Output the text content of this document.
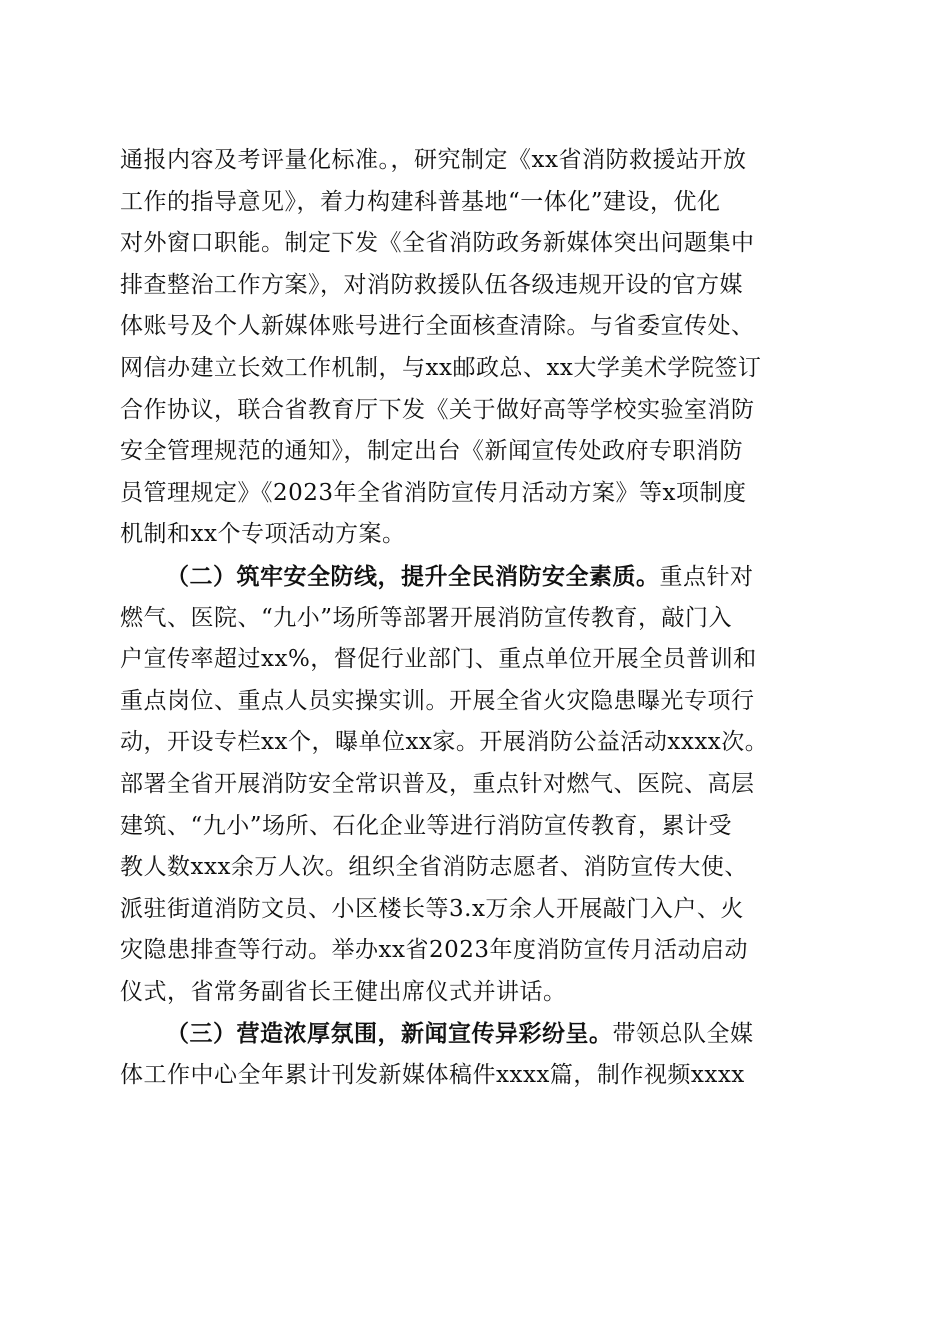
通报内容及考评量化标准。，研究制定《xx省消防救援站开放
工作的指导意见》，着力构建科普基地“一体化”建设，优化
对外窗口职能。制定下发《全省消防政务新媒体突出问题集中
排查整治工作方案》，对消防救援队伍各级违规开设的官方媒
体账号及个人新媒体账号进行全面核查清除。与省委宣传处、
网信办建立长效工作机制，与xx邮政总、xx大学美术学院签订
合作协议，联合省教育厅下发《关于做好高等学校实验室消防
安全管理规范的通知》，制定出台《新闻宣传处政府专职消防
员管理规定》《2023年全省消防宣传月活动方案》等x项制度
机制和xx个专项活动方案。
（二）筑牢安全防线，提升全民消防安全素质。重点针对
燃气、医院、“九小”场所等部署开展消防宣传教育，敲门入
户宣传率超过xx%，督促行业部门、重点单位开展全员普训和
重点岗位、重点人员实操实训。开展全省火灾隐患曝光专项行
动，开设专栏xx个，曝单位xx家。开展消防公益活动xxxx次。
部署全省开展消防安全常识普及，重点针对燃气、医院、高层
建筑、“九小”场所、石化企业等进行消防宣传教育，累计受
教人数xxx余万人次。组织全省消防志愿者、消防宣传大使、
派驻街道消防文员、小区楼长等3.x万余人开展敲门入户、火
灾隐患排查等行动。举办xx省2023年度消防宣传月活动启动
仪式，省常务副省长王健出席仪式并讲话。
（三）营造浓厚氛围，新闻宣传异彩纷呈。带领总队全媒
体工作中心全年累计刊发新媒体稿件xxxx篇，制作视频xxxx
